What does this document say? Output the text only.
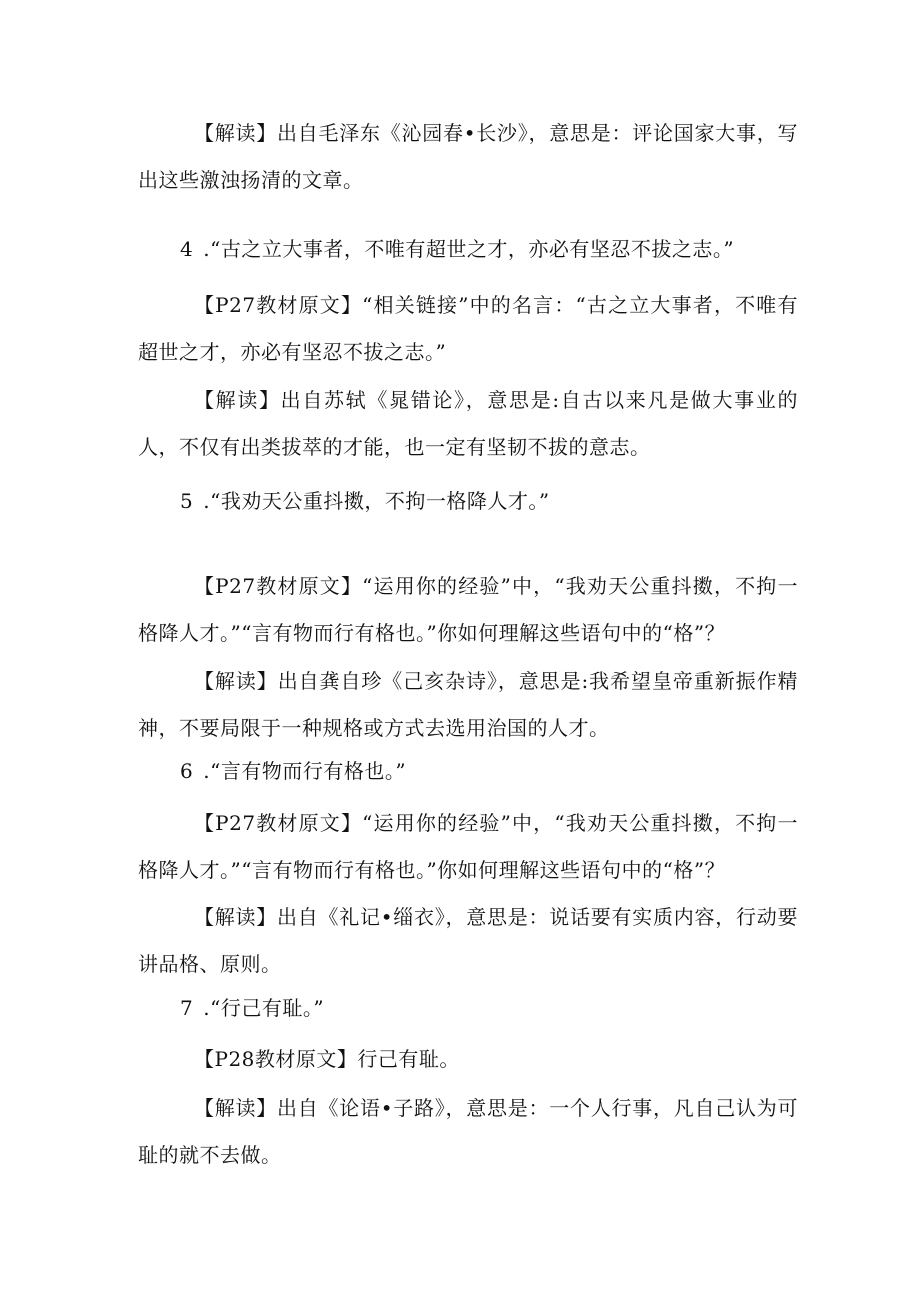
【解读】出自毛泽东《沁园春•长沙》，意思是：评论国家大事，写出这些激浊扬清的文章。
4 .“古之立大事者，不唯有超世之才，亦必有坚忍不拔之志。”
【P27教材原文】“相关链接”中的名言：“古之立大事者，不唯有超世之才，亦必有坚忍不拔之志。”
【解读】出自苏轼《晁错论》，意思是:自古以来凡是做大事业的人，不仅有出类拔萃的才能，也一定有坚韧不拔的意志。
5 .“我劝天公重抖擞，不拘一格降人才。”
【P27教材原文】“运用你的经验”中，“我劝天公重抖擞，不拘一格降人才。”“言有物而行有格也。”你如何理解这些语句中的“格”？
【解读】出自龚自珍《己亥杂诗》，意思是:我希望皇帝重新振作精神，不要局限于一种规格或方式去选用治国的人才。
6 .“言有物而行有格也。”
【P27教材原文】“运用你的经验”中，“我劝天公重抖擞，不拘一格降人才。”“言有物而行有格也。”你如何理解这些语句中的“格”？
【解读】出自《礼记•缁衣》，意思是：说话要有实质内容，行动要讲品格、原则。
7 .“行己有耻。”
【P28教材原文】行己有耻。
【解读】出自《论语•子路》，意思是：一个人行事，凡自己认为可耻的就不去做。
